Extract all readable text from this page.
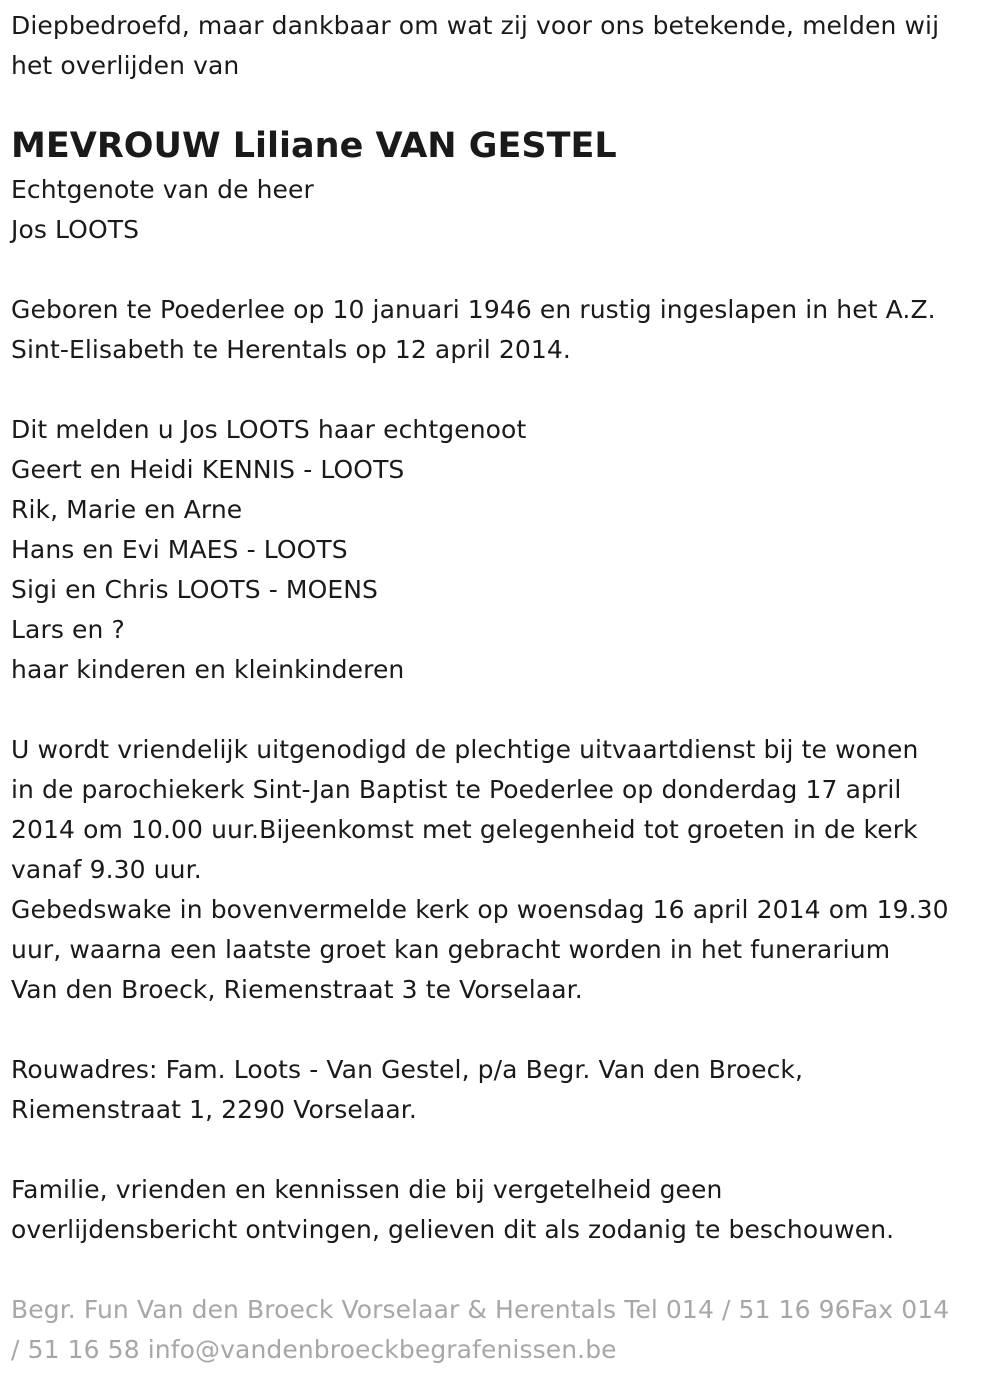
Diepbedroefd, maar dankbaar om wat zij voor ons betekende, melden wij
het overlijden van
MEVROUW Liliane VAN GESTEL
Echtgenote van de heer
Jos LOOTS
Geboren te Poederlee op 10 januari 1946 en rustig ingeslapen in het A.Z.
Sint-Elisabeth te Herentals op 12 april 2014.
Dit melden u Jos LOOTS haar echtgenoot
Geert en Heidi KENNIS - LOOTS
Rik, Marie en Arne
Hans en Evi MAES - LOOTS
Sigi en Chris LOOTS - MOENS
Lars en ?
haar kinderen en kleinkinderen
U wordt vriendelijk uitgenodigd de plechtige uitvaartdienst bij te wonen
in de parochiekerk Sint-Jan Baptist te Poederlee op donderdag 17 april
2014 om 10.00 uur.Bijeenkomst met gelegenheid tot groeten in de kerk
vanaf 9.30 uur.
Gebedswake in bovenvermelde kerk op woensdag 16 april 2014 om 19.30
uur, waarna een laatste groet kan gebracht worden in het funerarium
Van den Broeck, Riemenstraat 3 te Vorselaar.
Rouwadres: Fam. Loots - Van Gestel, p/a Begr. Van den Broeck,
Riemenstraat 1, 2290 Vorselaar.
Familie, vrienden en kennissen die bij vergetelheid geen
overlijdensbericht ontvingen, gelieven dit als zodanig te beschouwen.
Begr. Fun Van den Broeck Vorselaar & Herentals Tel 014 / 51 16 96Fax 014
/ 51 16 58 info@vandenbroeckbegrafenissen.be
